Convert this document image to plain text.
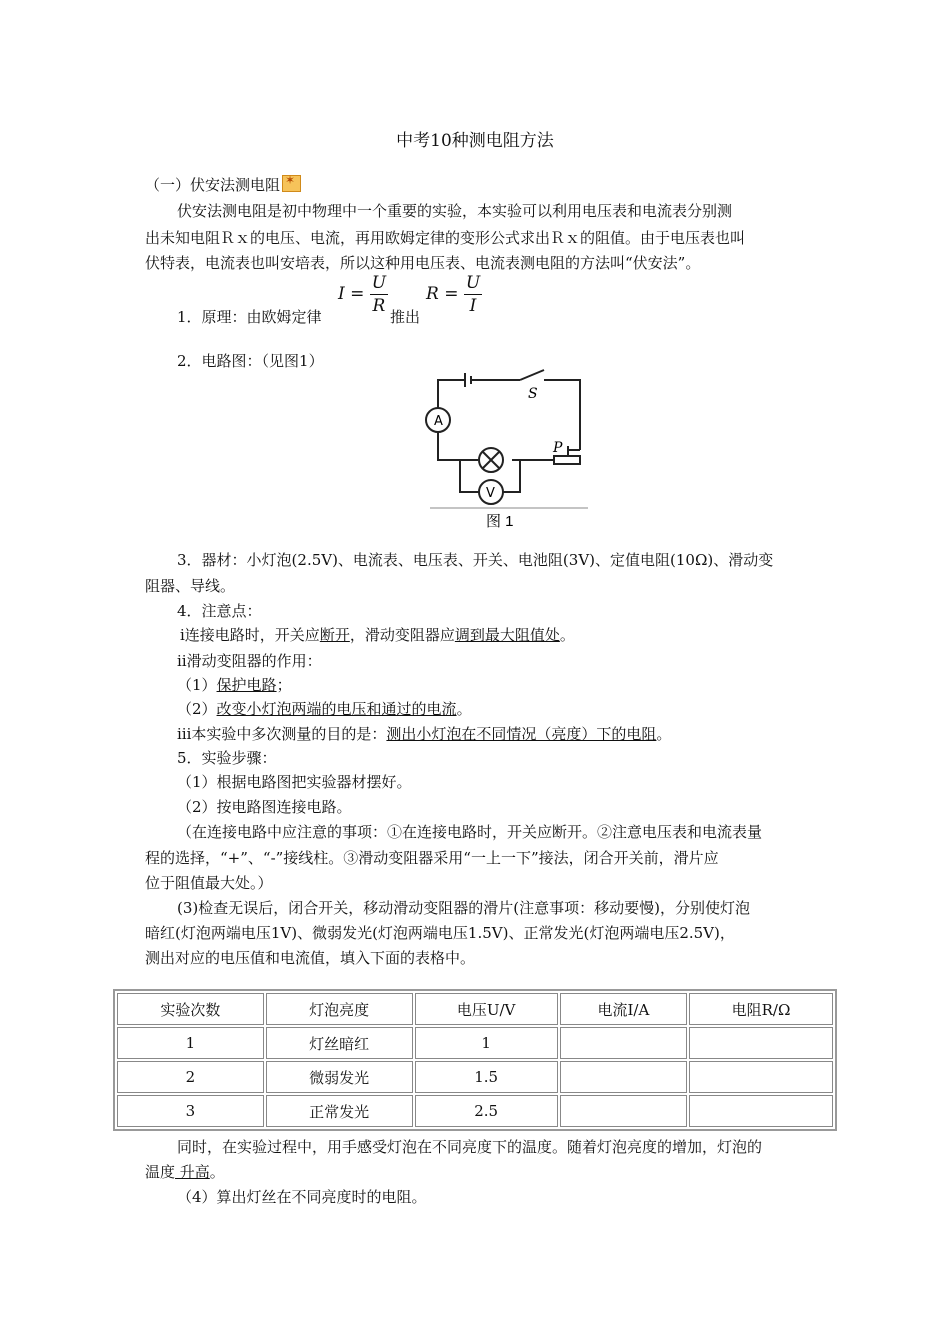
中考10种测电阻方法
（一）伏安法测电阻✶
伏安法测电阻是初中物理中一个重要的实验，本实验可以利用电压表和电流表分别测
出未知电阻Ｒｘ的电压、电流，再用欧姆定律的变形公式求出Ｒｘ的阻值。由于电压表也叫
伏特表，电流表也叫安培表，所以这种用电压表、电流表测电阻的方法叫“伏安法”。
1．原理：由欧姆定律
$I = \frac{U}{R}$ 推出
$R = \frac{U}{I}$
2．电路图：（见图1）
A
V
S
P
图 1
3．器材：小灯泡(2.5V)、电流表、电压表、开关、电池阻(3V)、定值电阻(10Ω)、滑动变
阻器、导线。
4．注意点：
ⅰ连接电路时，开关应断开，滑动变阻器应调到最大阻值处。
ⅱ滑动变阻器的作用：
（1）保护电路；
（2）改变小灯泡两端的电压和通过的电流。
ⅲ本实验中多次测量的目的是：测出小灯泡在不同情况（亮度）下的电阻。
5．实验步骤：
（1）根据电路图把实验器材摆好。
（2）按电路图连接电路。
（在连接电路中应注意的事项：①在连接电路时，开关应断开。②注意电压表和电流表量
程的选择，“+”、“-”接线柱。③滑动变阻器采用“一上一下”接法，闭合开关前，滑片应
位于阻值最大处。）
(3)检查无误后，闭合开关，移动滑动变阻器的滑片(注意事项：移动要慢)，分别使灯泡
暗红(灯泡两端电压1V)、微弱发光(灯泡两端电压1.5V)、正常发光(灯泡两端电压2.5V)，
测出对应的电压值和电流值，填入下面的表格中。
实验次数	灯泡亮度	电压U/V	电流I/A	电阻R/Ω
1	灯丝暗红	1		
2	微弱发光	1.5		
3	正常发光	2.5		
同时，在实验过程中，用手感受灯泡在不同亮度下的温度。随着灯泡亮度的增加，灯泡的
温度 升高。
（4）算出灯丝在不同亮度时的电阻。
